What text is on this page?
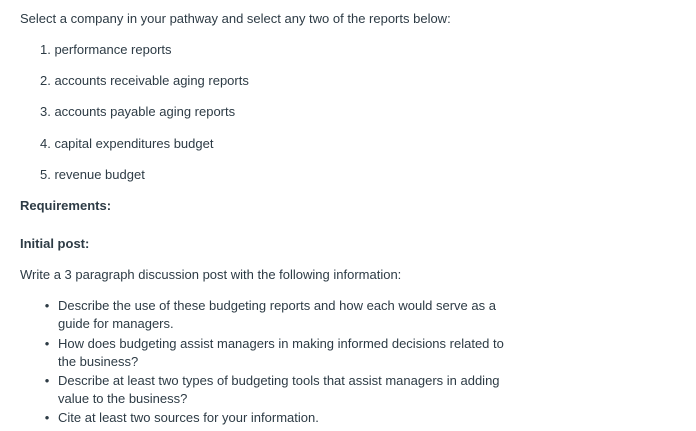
Select a company in your pathway and select any two of the reports below:

1. performance reports
2. accounts receivable aging reports
3. accounts payable aging reports
4. capital expenditures budget
5. revenue budget

Requirements:

Initial post:

Write a 3 paragraph discussion post with the following information:

• Describe the use of these budgeting reports and how each would serve as a guide for managers.
• How does budgeting assist managers in making informed decisions related to the business?
• Describe at least two types of budgeting tools that assist managers in adding value to the business?
• Cite at least two sources for your information.
